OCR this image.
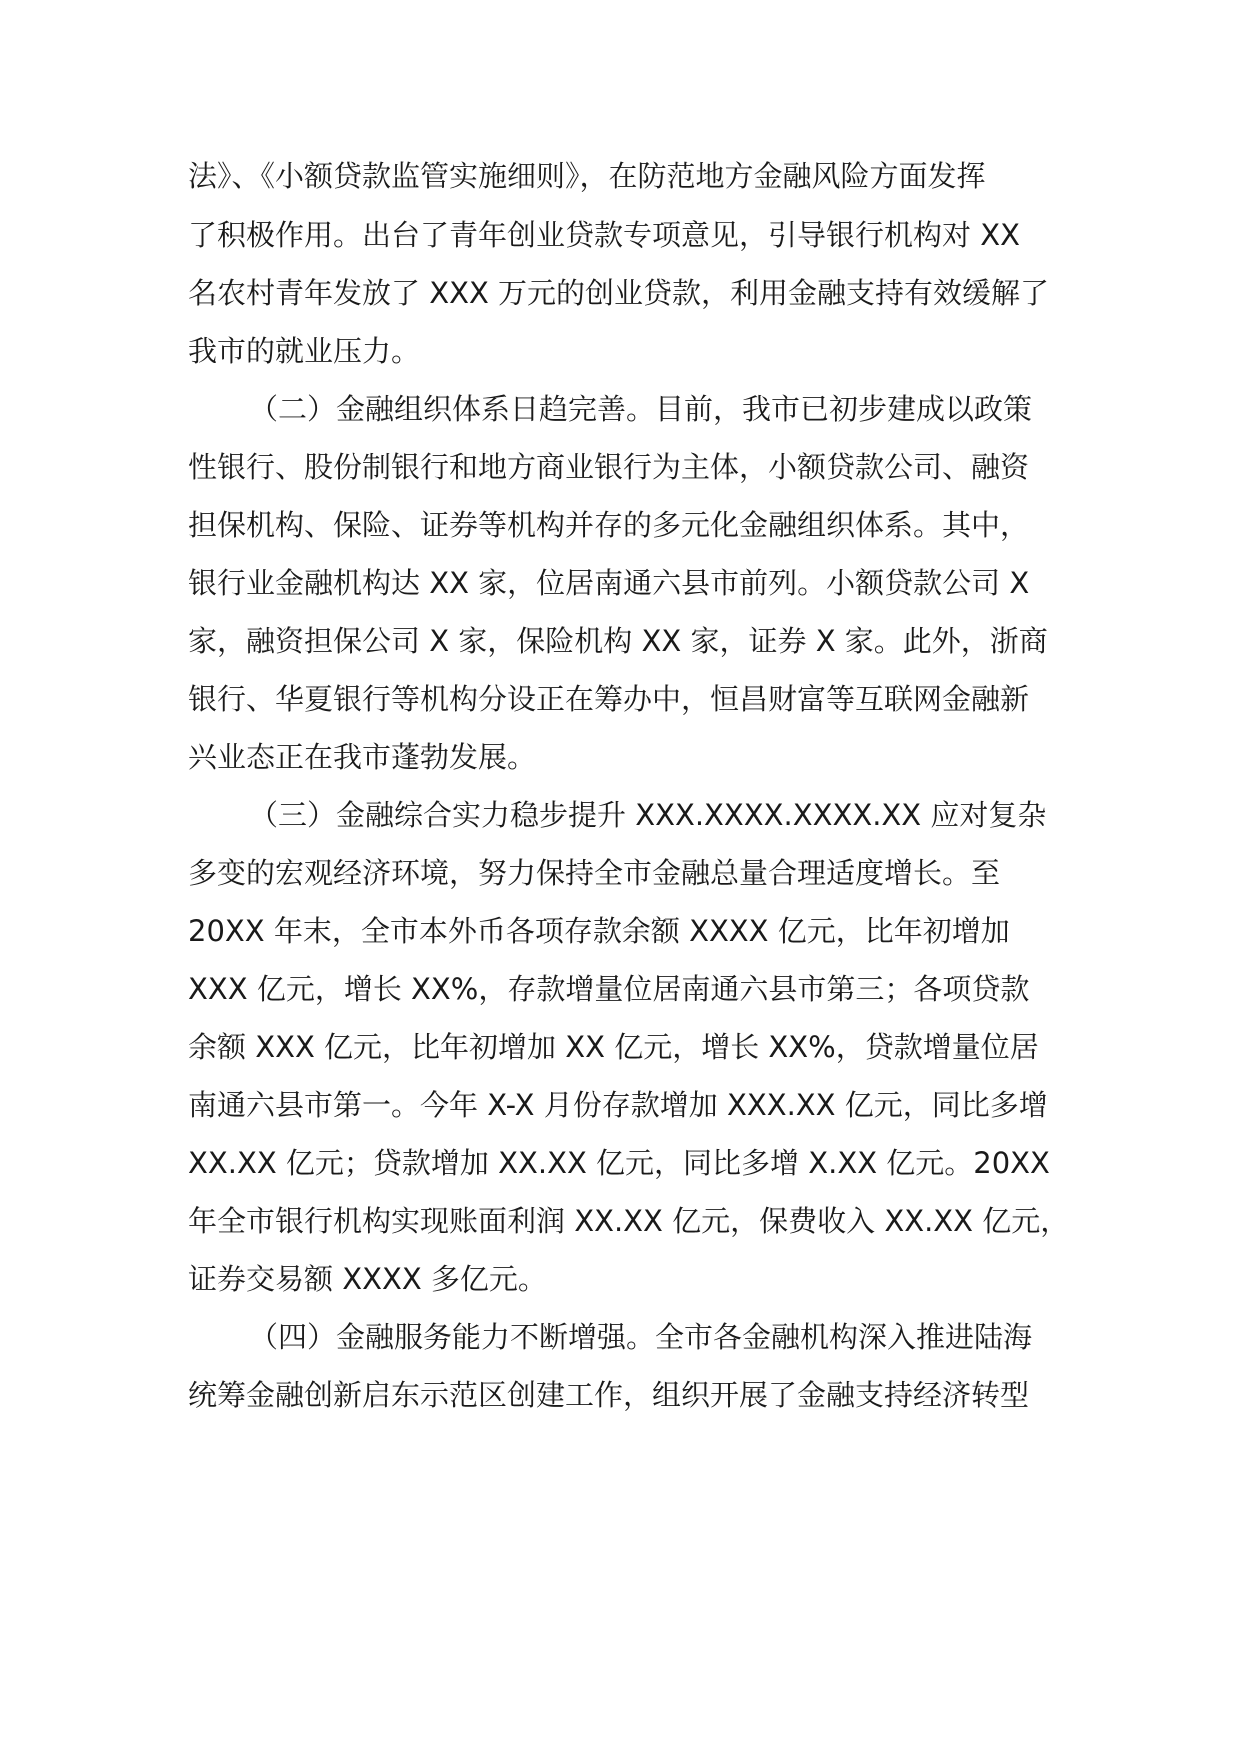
法》、《小额贷款监管实施细则》，在防范地方金融风险方面发挥
了积极作用。出台了青年创业贷款专项意见，引导银行机构对 XX
名农村青年发放了 XXX 万元的创业贷款，利用金融支持有效缓解了
我市的就业压力。
（二）金融组织体系日趋完善。目前，我市已初步建成以政策
性银行、股份制银行和地方商业银行为主体，小额贷款公司、融资
担保机构、保险、证券等机构并存的多元化金融组织体系。其中，
银行业金融机构达 XX 家，位居南通六县市前列。小额贷款公司 X
家，融资担保公司 X 家，保险机构 XX 家，证券 X 家。此外，浙商
银行、华夏银行等机构分设正在筹办中，恒昌财富等互联网金融新
兴业态正在我市蓬勃发展。
（三）金融综合实力稳步提升 XXX.XXXX.XXXX.XX 应对复杂
多变的宏观经济环境，努力保持全市金融总量合理适度增长。至
20XX 年末，全市本外币各项存款余额 XXXX 亿元，比年初增加
XXX 亿元，增长 XX%，存款增量位居南通六县市第三；各项贷款
余额 XXX 亿元，比年初增加 XX 亿元，增长 XX%，贷款增量位居
南通六县市第一。今年 X-X 月份存款增加 XXX.XX 亿元，同比多增
XX.XX 亿元；贷款增加 XX.XX 亿元，同比多增 X.XX 亿元。20XX
年全市银行机构实现账面利润 XX.XX 亿元，保费收入 XX.XX 亿元，
证券交易额 XXXX 多亿元。
（四）金融服务能力不断增强。全市各金融机构深入推进陆海
统筹金融创新启东示范区创建工作，组织开展了金融支持经济转型
